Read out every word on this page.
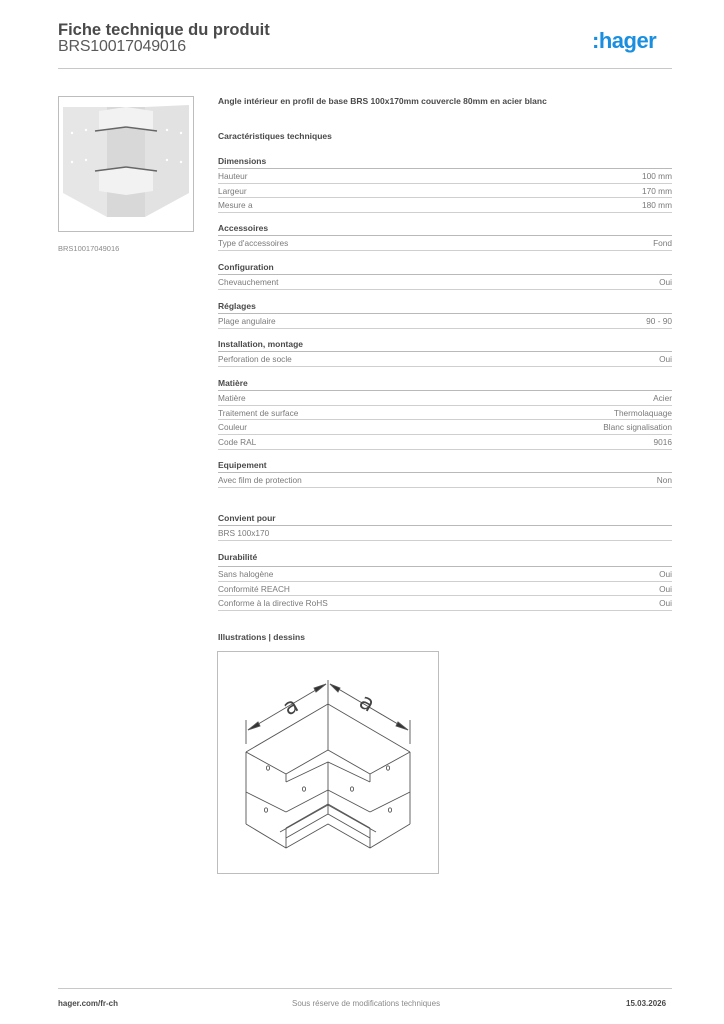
Fiche technique du produit
BRS10017049016	:hager
BRS10017049016
Angle intérieur en profil de base BRS 100x170mm couvercle 80mm en acier blanc
Caractéristiques techniques
Dimensions
Hauteur	100 mm
Largeur	170 mm
Mesure a	180 mm
Accessoires
Type d'accessoires	Fond
Configuration
Chevauchement	Oui
Réglages
Plage angulaire	90 - 90
Installation, montage
Perforation de socle	Oui
Matière
Matière	Acier
Traitement de surface	Thermolaquage
Couleur	Blanc signalisation
Code RAL	9016
Equipement
Avec film de protection	Non
Convient pour
BRS 100x170
Durabilité
Sans halogène	Oui
Conformité REACH	Oui
Conforme à la directive RoHS	Oui
Illustrations | dessins
a a
hager.com/fr-ch	Sous réserve de modifications techniques	15.03.2026
